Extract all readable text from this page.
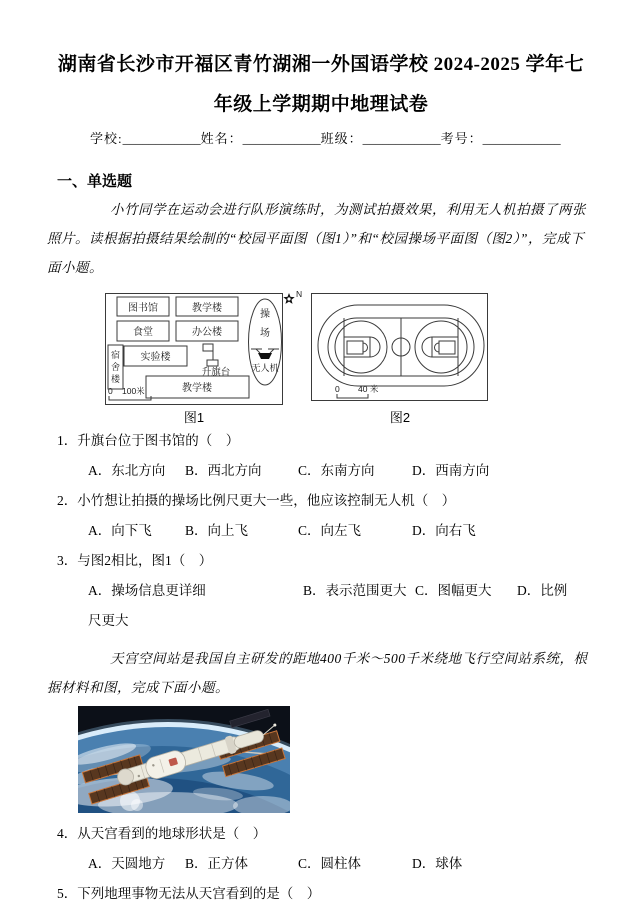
湖南省长沙市开福区青竹湖湘一外国语学校 2024-2025 学年七
年级上学期期中地理试卷
学校:____________姓名：____________班级：____________考号：____________
一、单选题
小竹同学在运动会进行队形演练时，为测试拍摄效果，利用无人机拍摄了两张照片。读根据拍摄结果绘制的“校园平面图（图1）”和“校园操场平面图（图2）”，完成下面小题。
图书馆	教学楼
食堂	办公楼
宿
舍
楼
实验楼
升旗台
教学楼
操
场
无人机
0 100米
N
图1
0 40 米
图2
1．升旗台位于图书馆的（　）
A．东北方向	B．西北方向	C．东南方向	D．西南方向
2．小竹想让拍摄的操场比例尺更大一些，他应该控制无人机（　）
A．向下飞	B．向上飞	C．向左飞	D．向右飞
3．与图2相比，图1（　）
A．操场信息更详细	B．表示范围更大 C．图幅更大	D．比例
尺更大
天宫空间站是我国自主研发的距地400千米～500千米绕地飞行空间站系统，根据材料和图，完成下面小题。
4．从天宫看到的地球形状是（　）
A．天圆地方	B．正方体	C．圆柱体	D．球体
5．下列地理事物无法从天宫看到的是（　）
